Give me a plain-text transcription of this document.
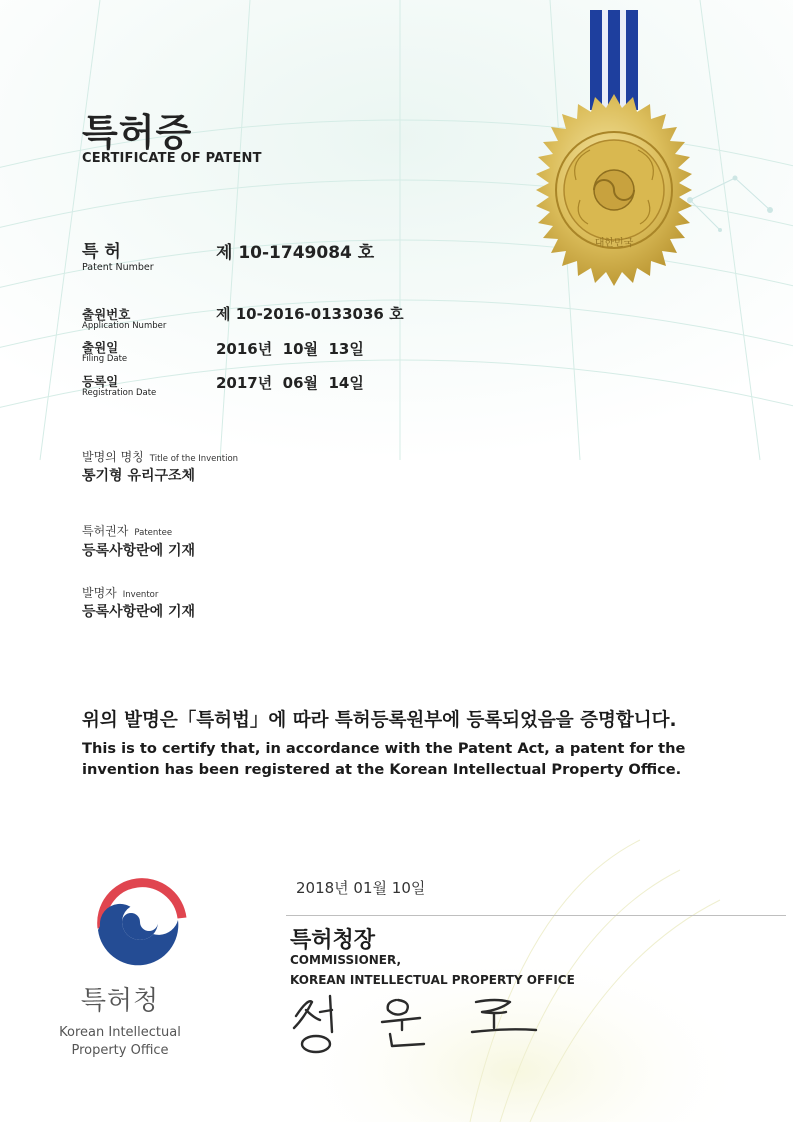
대한민국
특허증
CERTIFICATE OF PATENT
특 허
Patent Number
제 10-1749084 호
출원번호
Application Number
제 10-2016-0133036 호
출원일
Filing Date
2016년  10월  13일
등록일
Registration Date
2017년  06월  14일
발명의 명칭 Title of the Invention
통기형 유리구조체
특허권자 Patentee
등록사항란에 기재
발명자 Inventor
등록사항란에 기재
위의 발명은「특허법」에 따라 특허등록원부에 등록되었음을 증명합니다.
This is to certify that, in accordance with the Patent Act, a patent for the invention has been registered at the Korean Intellectual Property Office.
특허청
Korean Intellectual
Property Office
2018년 01월 10일
특허청장
COMMISSIONER,
KOREAN INTELLECTUAL PROPERTY OFFICE
